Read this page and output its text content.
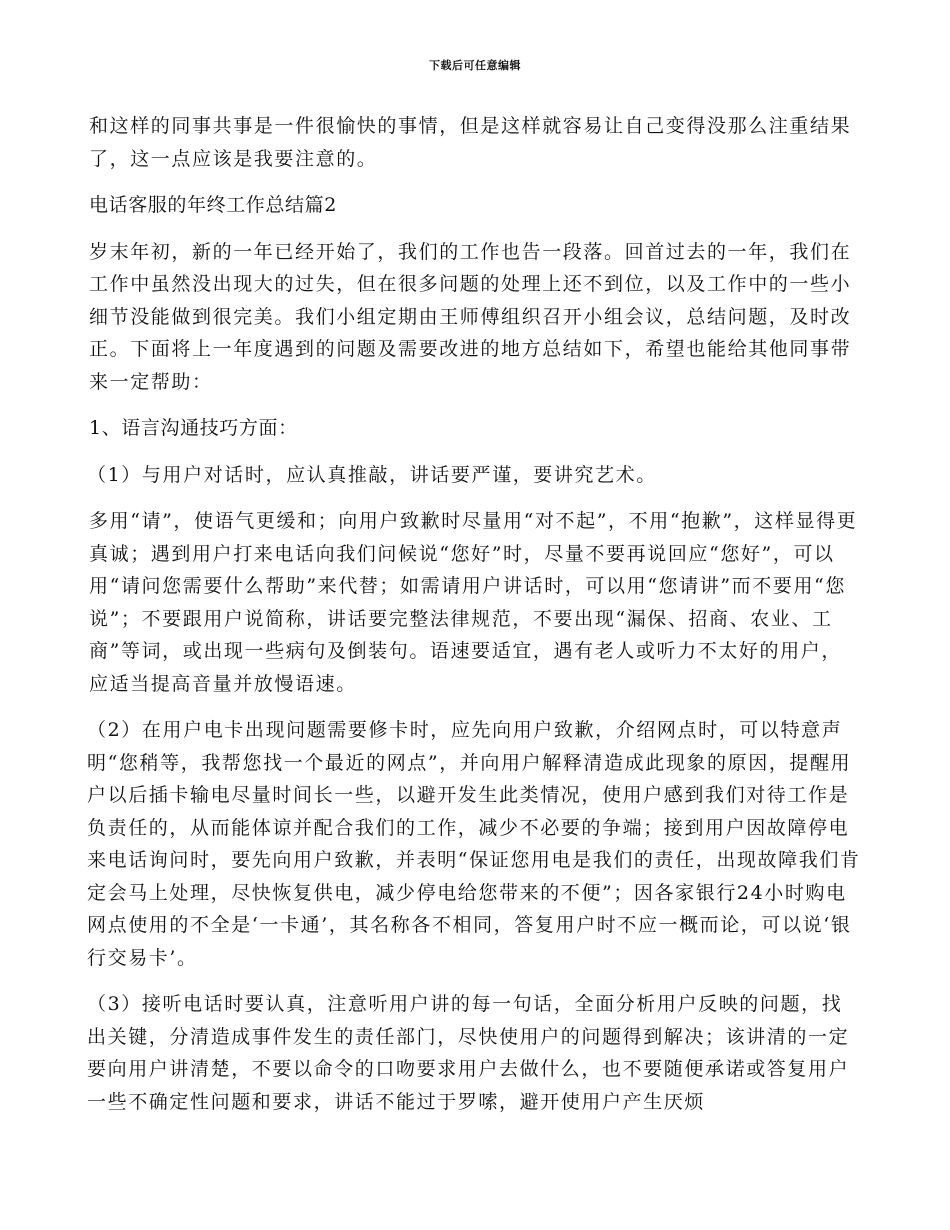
下载后可任意编辑

和这样的同事共事是一件很愉快的事情，但是这样就容易让自己变得没那么注重结果了，这一点应该是我要注意的。

电话客服的年终工作总结篇2

岁末年初，新的一年已经开始了，我们的工作也告一段落。回首过去的一年，我们在工作中虽然没出现大的过失，但在很多问题的处理上还不到位，以及工作中的一些小细节没能做到很完美。我们小组定期由王师傅组织召开小组会议，总结问题，及时改正。下面将上一年度遇到的问题及需要改进的地方总结如下，希望也能给其他同事带来一定帮助：

1、语言沟通技巧方面：

（1）与用户对话时，应认真推敲，讲话要严谨，要讲究艺术。

多用“请”，使语气更缓和；向用户致歉时尽量用“对不起”，不用“抱歉”，这样显得更真诚；遇到用户打来电话向我们问候说“您好”时，尽量不要再说回应“您好”，可以用“请问您需要什么帮助”来代替；如需请用户讲话时，可以用“您请讲”而不要用“您说”；不要跟用户说简称，讲话要完整法律规范，不要出现“漏保、招商、农业、工商”等词，或出现一些病句及倒装句。语速要适宜，遇有老人或听力不太好的用户，应适当提高音量并放慢语速。

（2）在用户电卡出现问题需要修卡时，应先向用户致歉，介绍网点时，可以特意声明“您稍等，我帮您找一个最近的网点”，并向用户解释清造成此现象的原因，提醒用户以后插卡输电尽量时间长一些，以避开发生此类情况，使用户感到我们对待工作是负责任的，从而能体谅并配合我们的工作，减少不必要的争端；接到用户因故障停电来电话询问时，要先向用户致歉，并表明“保证您用电是我们的责任，出现故障我们肯定会马上处理，尽快恢复供电，减少停电给您带来的不便”；因各家银行24小时购电网点使用的不全是‘一卡通’，其名称各不相同，答复用户时不应一概而论，可以说‘银行交易卡’。

（3）接听电话时要认真，注意听用户讲的每一句话，全面分析用户反映的问题，找出关键，分清造成事件发生的责任部门，尽快使用户的问题得到解决；该讲清的一定要向用户讲清楚，不要以命令的口吻要求用户去做什么，也不要随便承诺或答复用户一些不确定性问题和要求，讲话不能过于罗嗦，避开使用户产生厌烦
